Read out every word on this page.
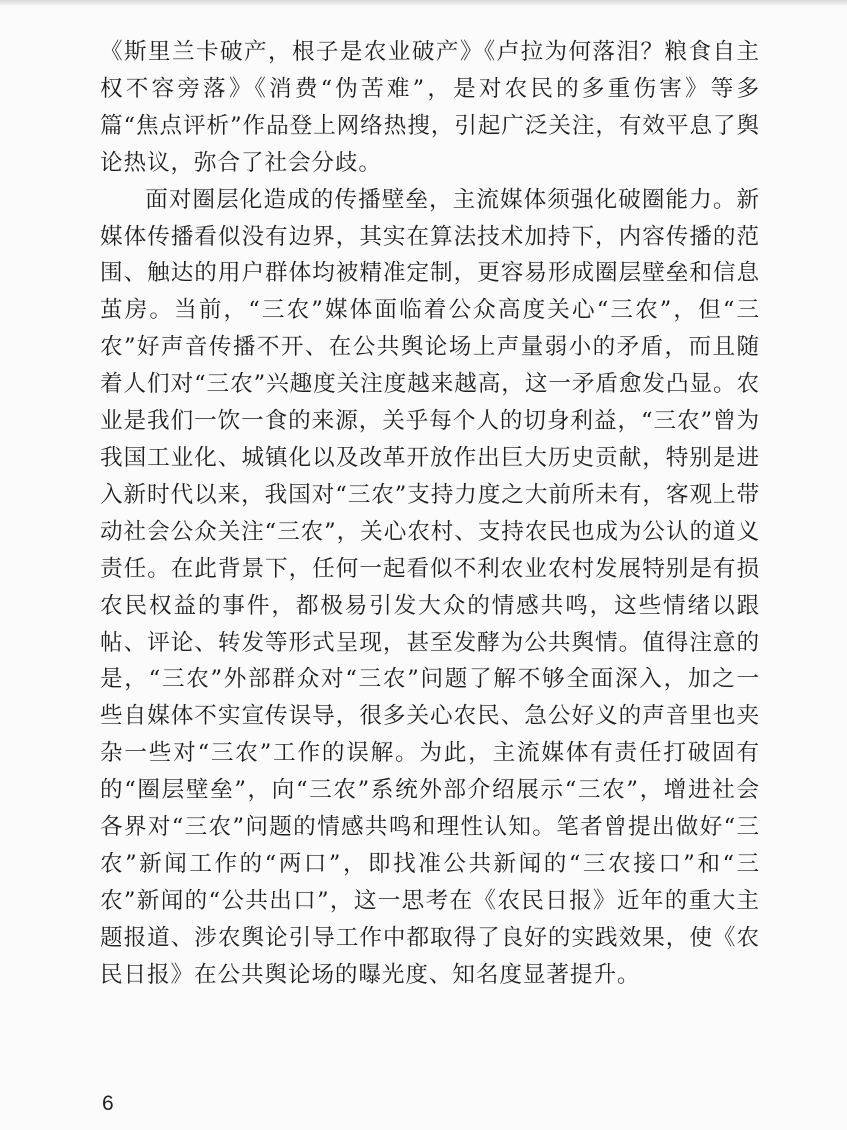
《斯里兰卡破产，根子是农业破产》《卢拉为何落泪？粮食自主权不容旁落》《消费“伪苦难”，是对农民的多重伤害》等多篇“焦点评析”作品登上网络热搜，引起广泛关注，有效平息了舆论热议，弥合了社会分歧。

面对圈层化造成的传播壁垒，主流媒体须强化破圈能力。新媒体传播看似没有边界，其实在算法技术加持下，内容传播的范围、触达的用户群体均被精准定制，更容易形成圈层壁垒和信息茧房。当前，“三农”媒体面临着公众高度关心“三农”，但“三农”好声音传播不开、在公共舆论场上声量弱小的矛盾，而且随着人们对“三农”兴趣度关注度越来越高，这一矛盾愈发凸显。农业是我们一饮一食的来源，关乎每个人的切身利益，“三农”曾为我国工业化、城镇化以及改革开放作出巨大历史贡献，特别是进入新时代以来，我国对“三农”支持力度之大前所未有，客观上带动社会公众关注“三农”，关心农村、支持农民也成为公认的道义责任。在此背景下，任何一起看似不利农业农村发展特别是有损农民权益的事件，都极易引发大众的情感共鸣，这些情绪以跟帖、评论、转发等形式呈现，甚至发酵为公共舆情。值得注意的是，“三农”外部群众对“三农”问题了解不够全面深入，加之一些自媒体不实宣传误导，很多关心农民、急公好义的声音里也夹杂一些对“三农”工作的误解。为此，主流媒体有责任打破固有的“圈层壁垒”，向“三农”系统外部介绍展示“三农”，增进社会各界对“三农”问题的情感共鸣和理性认知。笔者曾提出做好“三农”新闻工作的“两口”，即找准公共新闻的“三农接口”和“三农”新闻的“公共出口”，这一思考在《农民日报》近年的重大主题报道、涉农舆论引导工作中都取得了良好的实践效果，使《农民日报》在公共舆论场的曝光度、知名度显著提升。

6
